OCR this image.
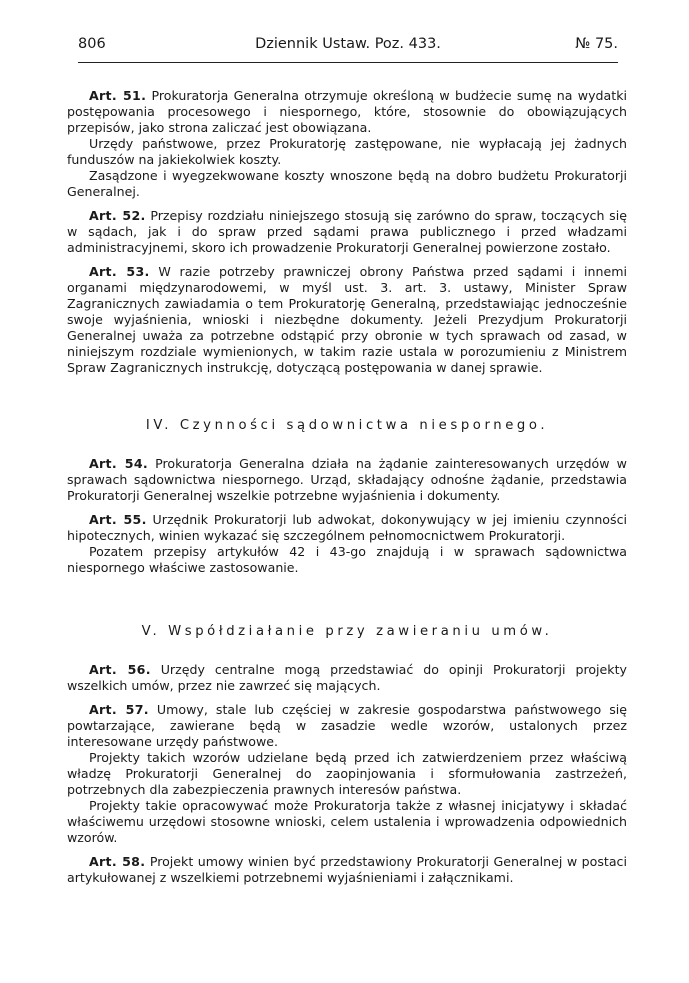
806	Dziennik Ustaw. Poz. 433.	№ 75.

Art. 51. Prokuratorja Generalna otrzymuje określoną w budżecie sumę na wydatki postępowania procesowego i niespornego, które, stosownie do obowiązujących przepisów, jako strona zaliczać jest obowiązana.

Urzędy państwowe, przez Prokuratorję zastępowane, nie wypłacają jej żadnych funduszów na jakiekolwiek koszty.

Zasądzone i wyegzekwowane koszty wnoszone będą na dobro budżetu Prokuratorji Generalnej.

Art. 52. Przepisy rozdziału niniejszego stosują się zarówno do spraw, toczących się w sądach, jak i do spraw przed sądami prawa publicznego i przed władzami administracyjnemi, skoro ich prowadzenie Prokuratorji Generalnej powierzone zostało.

Art. 53. W razie potrzeby prawniczej obrony Państwa przed sądami i innemi organami międzynarodowemi, w myśl ust. 3. art. 3. ustawy, Minister Spraw Zagranicznych zawiadamia o tem Prokuratorję Generalną, przedstawiając jednocześnie swoje wyjaśnienia, wnioski i niezbędne dokumenty. Jeżeli Prezydjum Prokuratorji Generalnej uważa za potrzebne odstąpić przy obronie w tych sprawach od zasad, w niniejszym rozdziale wymienionych, w takim razie ustala w porozumieniu z Ministrem Spraw Zagranicznych instrukcję, dotyczącą postępowania w danej sprawie.

IV. Czynności sądownictwa niespornego.

Art. 54. Prokuratorja Generalna działa na żądanie zainteresowanych urzędów w sprawach sądownictwa niespornego. Urząd, składający odnośne żądanie, przedstawia Prokuratorji Generalnej wszelkie potrzebne wyjaśnienia i dokumenty.

Art. 55. Urzędnik Prokuratorji lub adwokat, dokonywujący w jej imieniu czynności hipotecznych, winien wykazać się szczególnem pełnomocnictwem Prokuratorji.

Pozatem przepisy artykułów 42 i 43-go znajdują i w sprawach sądownictwa niespornego właściwe zastosowanie.

V. Współdziałanie przy zawieraniu umów.

Art. 56. Urzędy centralne mogą przedstawiać do opinji Prokuratorji projekty wszelkich umów, przez nie zawrzeć się mających.

Art. 57. Umowy, stale lub częściej w zakresie gospodarstwa państwowego się powtarzające, zawierane będą w zasadzie wedle wzorów, ustalonych przez interesowane urzędy państwowe.

Projekty takich wzorów udzielane będą przed ich zatwierdzeniem przez właściwą władzę Prokuratorji Generalnej do zaopinjowania i sformułowania zastrzeżeń, potrzebnych dla zabezpieczenia prawnych interesów państwa.

Projekty takie opracowywać może Prokuratorja także z własnej inicjatywy i składać właściwemu urzędowi stosowne wnioski, celem ustalenia i wprowadzenia odpowiednich wzorów.

Art. 58. Projekt umowy winien być przedstawiony Prokuratorji Generalnej w postaci artykułowanej z wszelkiemi potrzebnemi wyjaśnieniami i załącznikami.
